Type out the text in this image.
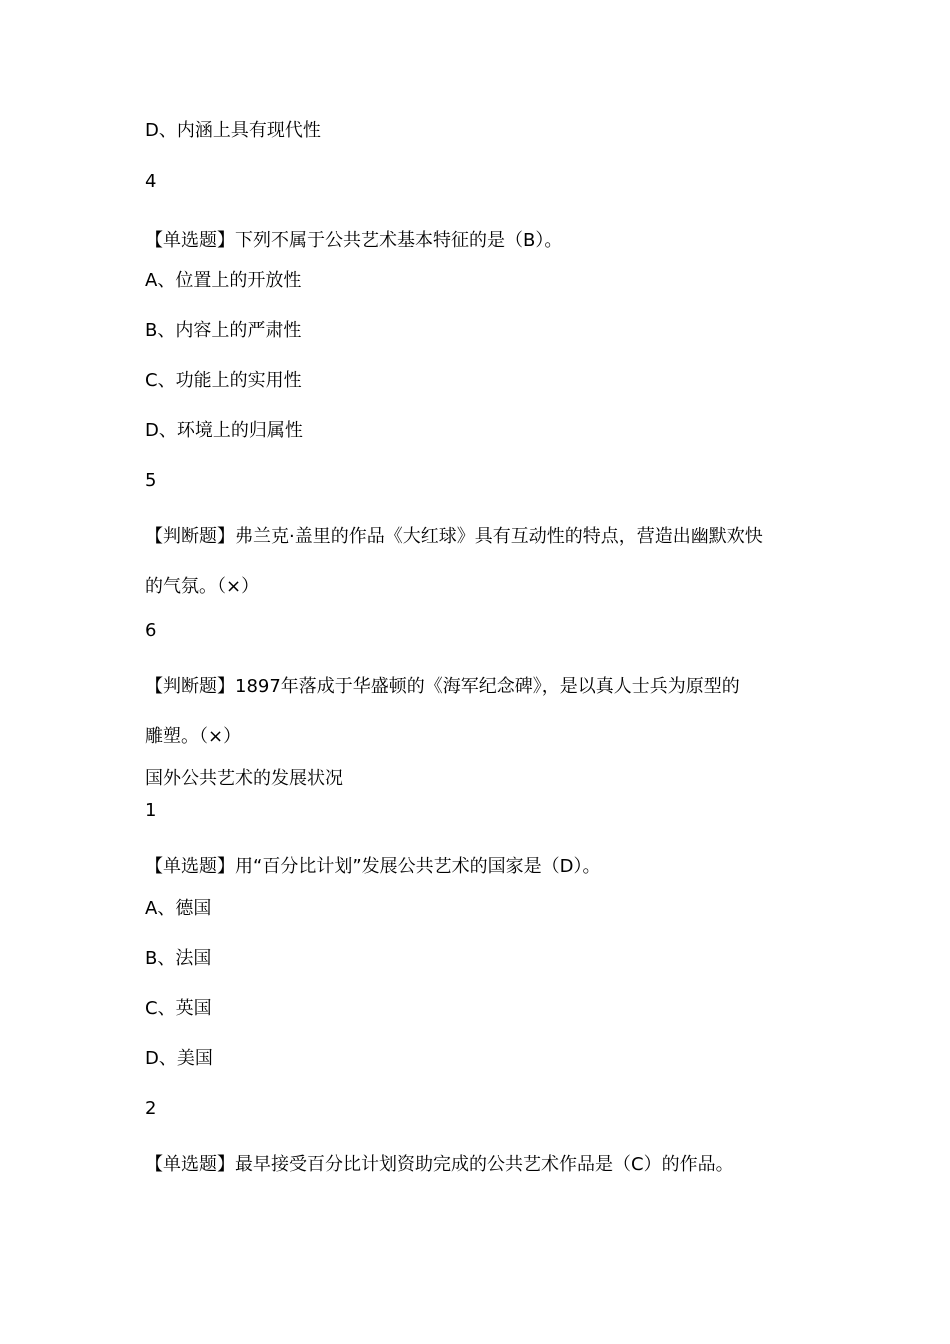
D、内涵上具有现代性
4
【单选题】下列不属于公共艺术基本特征的是（B）。
A、位置上的开放性
B、内容上的严肃性
C、功能上的实用性
D、环境上的归属性
5
【判断题】弗兰克·盖里的作品《大红球》具有互动性的特点，营造出幽默欢快
的气氛。（×）
6
【判断题】1897年落成于华盛顿的《海军纪念碑》，是以真人士兵为原型的
雕塑。（×）
国外公共艺术的发展状况
1
【单选题】用“百分比计划”发展公共艺术的国家是（D）。
A、德国
B、法国
C、英国
D、美国
2
【单选题】最早接受百分比计划资助完成的公共艺术作品是（C）的作品。
